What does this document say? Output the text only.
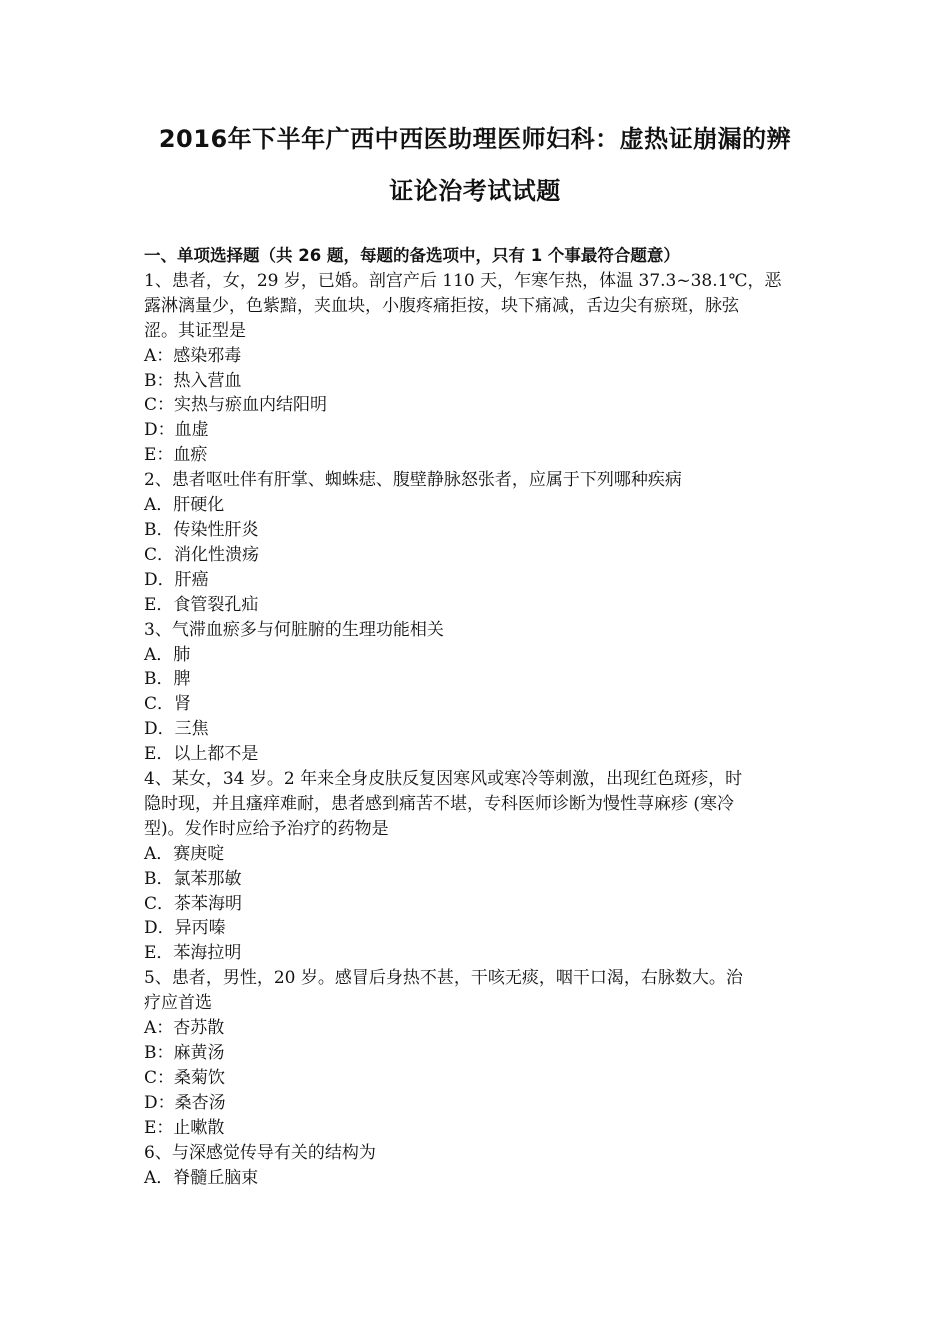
2016年下半年广西中西医助理医师妇科：虚热证崩漏的辨
证论治考试试题
一、单项选择题（共 26 题，每题的备选项中，只有 1 个事最符合题意）
1、患者，女，29 岁，已婚。剖宫产后 110 天，乍寒乍热，体温 37.3~38.1℃，恶
露淋漓量少，色紫黯，夹血块，小腹疼痛拒按，块下痛减，舌边尖有瘀斑，脉弦
涩。其证型是
A：感染邪毒
B：热入营血
C：实热与瘀血内结阳明
D：血虚
E：血瘀
2、患者呕吐伴有肝掌、蜘蛛痣、腹壁静脉怒张者，应属于下列哪种疾病
A．肝硬化
B．传染性肝炎
C．消化性溃疡
D．肝癌
E．食管裂孔疝
3、气滞血瘀多与何脏腑的生理功能相关
A．肺
B．脾
C．肾
D．三焦
E．以上都不是
4、某女，34 岁。2 年来全身皮肤反复因寒风或寒冷等刺激，出现红色斑疹，时
隐时现，并且瘙痒难耐，患者感到痛苦不堪，专科医师诊断为慢性荨麻疹 (寒冷
型)。发作时应给予治疗的药物是
A．赛庚啶
B．氯苯那敏
C．茶苯海明
D．异丙嗪
E．苯海拉明
5、患者，男性，20 岁。感冒后身热不甚，干咳无痰，咽干口渴，右脉数大。治
疗应首选
A：杏苏散
B：麻黄汤
C：桑菊饮
D：桑杏汤
E：止嗽散
6、与深感觉传导有关的结构为
A．脊髓丘脑束
